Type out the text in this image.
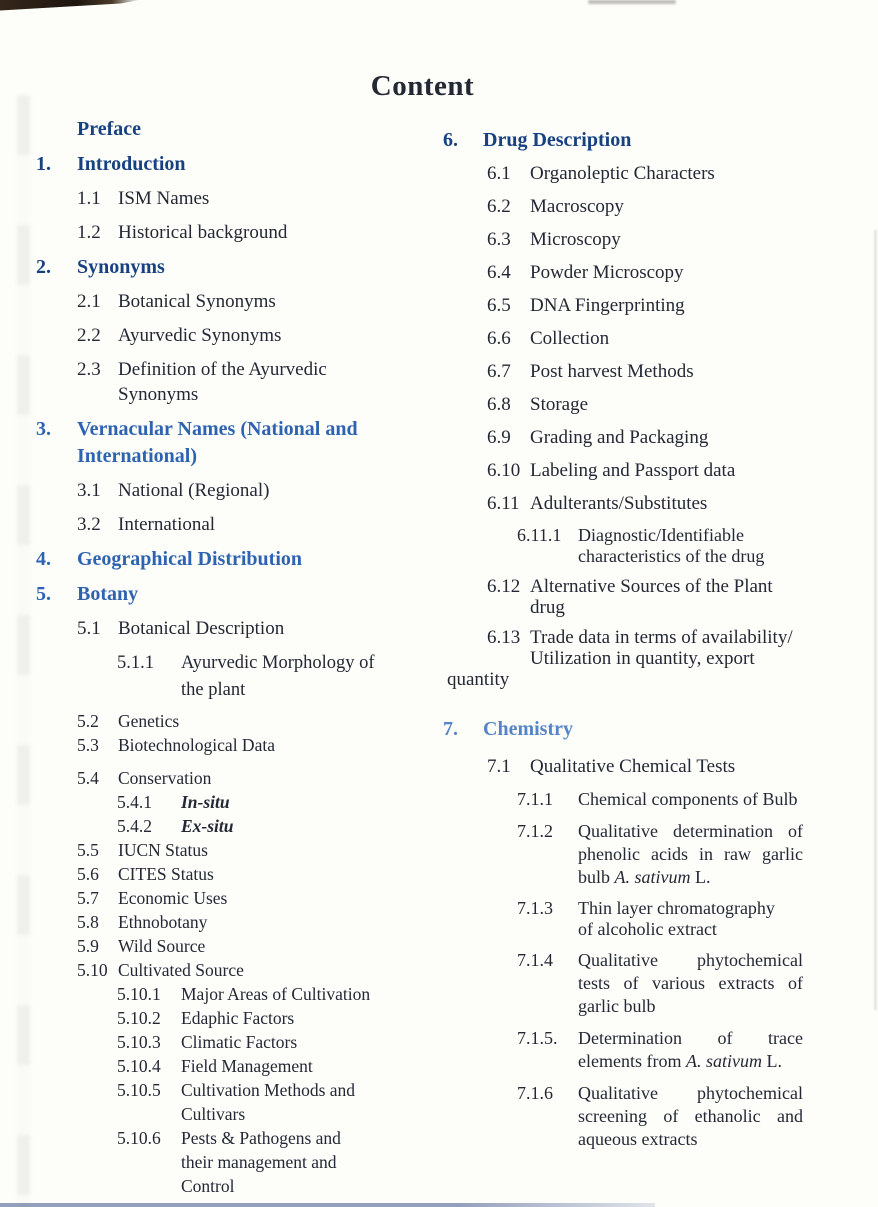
Content
Preface
1. Introduction
1.1 ISM Names
1.2 Historical background
2. Synonyms
2.1 Botanical Synonyms
2.2 Ayurvedic Synonyms
2.3 Definition of the Ayurvedic Synonyms
3. Vernacular Names (National and International)
3.1 National (Regional)
3.2 International
4. Geographical Distribution
5. Botany
5.1 Botanical Description
5.1.1 Ayurvedic Morphology of the plant
5.2 Genetics
5.3 Biotechnological Data
5.4 Conservation
5.4.1 In-situ
5.4.2 Ex-situ
5.5 IUCN Status
5.6 CITES Status
5.7 Economic Uses
5.8 Ethnobotany
5.9 Wild Source
5.10 Cultivated Source
5.10.1 Major Areas of Cultivation
5.10.2 Edaphic Factors
5.10.3 Climatic Factors
5.10.4 Field Management
5.10.5 Cultivation Methods and Cultivars
5.10.6 Pests & Pathogens and their management and Control
6. Drug Description
6.1 Organoleptic Characters
6.2 Macroscopy
6.3 Microscopy
6.4 Powder Microscopy
6.5 DNA Fingerprinting
6.6 Collection
6.7 Post harvest Methods
6.8 Storage
6.9 Grading and Packaging
6.10 Labeling and Passport data
6.11 Adulterants/Substitutes
6.11.1 Diagnostic/Identifiable characteristics of the drug
6.12 Alternative Sources of the Plant drug
6.13 Trade data in terms of availability/ Utilization in quantity, export
quantity
7. Chemistry
7.1 Qualitative Chemical Tests
7.1.1 Chemical components of Bulb
7.1.2 Qualitative determination of phenolic acids in raw garlic bulb A. sativum L.
7.1.3 Thin layer chromatography of alcoholic extract
7.1.4 Qualitative phytochemical tests of various extracts of garlic bulb
7.1.5. Determination of trace elements from A. sativum L.
7.1.6 Qualitative phytochemical screening of ethanolic and aqueous extracts
